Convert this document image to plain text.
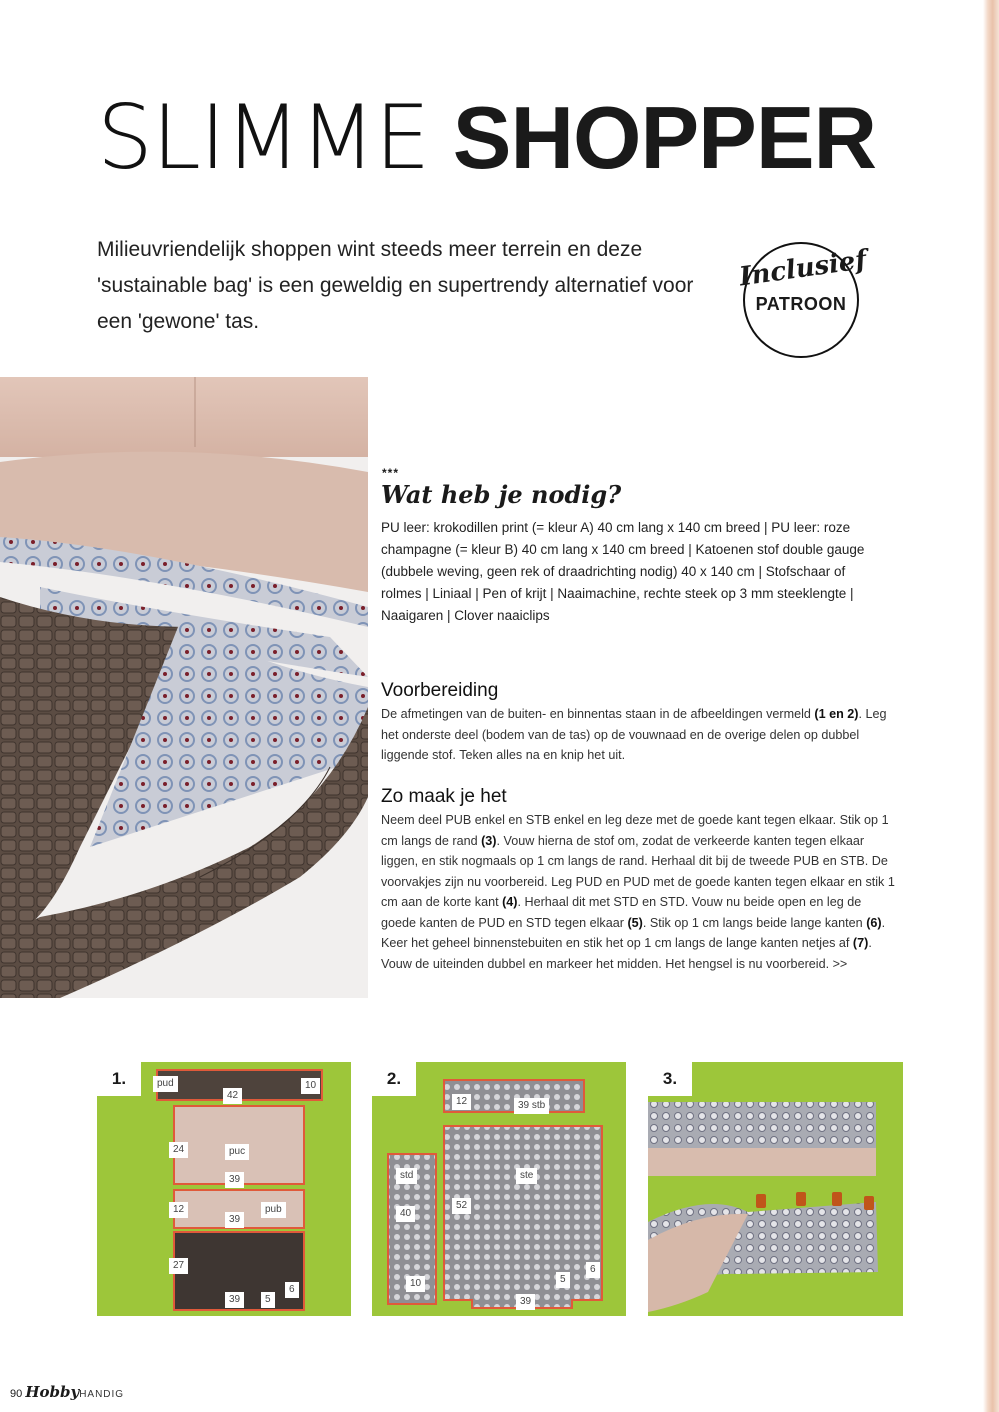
SLIMME SHOPPER
Milieuvriendelijk shoppen wint steeds meer terrein en deze 'sustainable bag' is een geweldig en supertrendy alternatief voor een 'gewone' tas.
Inclusief
PATROON
***
Wat heb je nodig?
PU leer: krokodillen print (= kleur A) 40 cm lang x 140 cm breed | PU leer: roze champagne (= kleur B) 40 cm lang x 140 cm breed | Katoenen stof double gauge (dubbele weving, geen rek of draadrichting nodig) 40 x 140 cm | Stofschaar of rolmes | Liniaal | Pen of krijt | Naaimachine, rechte steek op 3 mm steeklengte | Naaigaren | Clover naaiclips
Voorbereiding
De afmetingen van de buiten- en binnentas staan in de afbeeldingen vermeld (1 en 2). Leg het onderste deel (bodem van de tas) op de vouwnaad en de overige delen op dubbel liggende stof. Teken alles na en knip het uit.
Zo maak je het
Neem deel PUB enkel en STB enkel en leg deze met de goede kant tegen elkaar. Stik op 1 cm langs de rand (3). Vouw hierna de stof om, zodat de verkeerde kanten tegen elkaar liggen, en stik nogmaals op 1 cm langs de rand. Herhaal dit bij de tweede PUB en STB. De voorvakjes zijn nu voorbereid. Leg PUD en PUD met de goede kanten tegen elkaar en stik 1 cm aan de korte kant (4). Herhaal dit met STD en STD. Vouw nu beide open en leg de goede kanten de PUD en STD tegen elkaar (5). Stik op 1 cm langs beide lange kanten (6). Keer het geheel binnenstebuiten en stik het op 1 cm langs de lange kanten netjes af (7). Vouw de uiteinden dubbel en markeer het midden. Het hengsel is nu voorbereid. >>
1.	pud
42
10
24	puc
39
12
39
pub
27
39	5
6
2.
12	39 stb
std	ste
40
52
10	5
6
39
3.
90 HobbyHANDIG
